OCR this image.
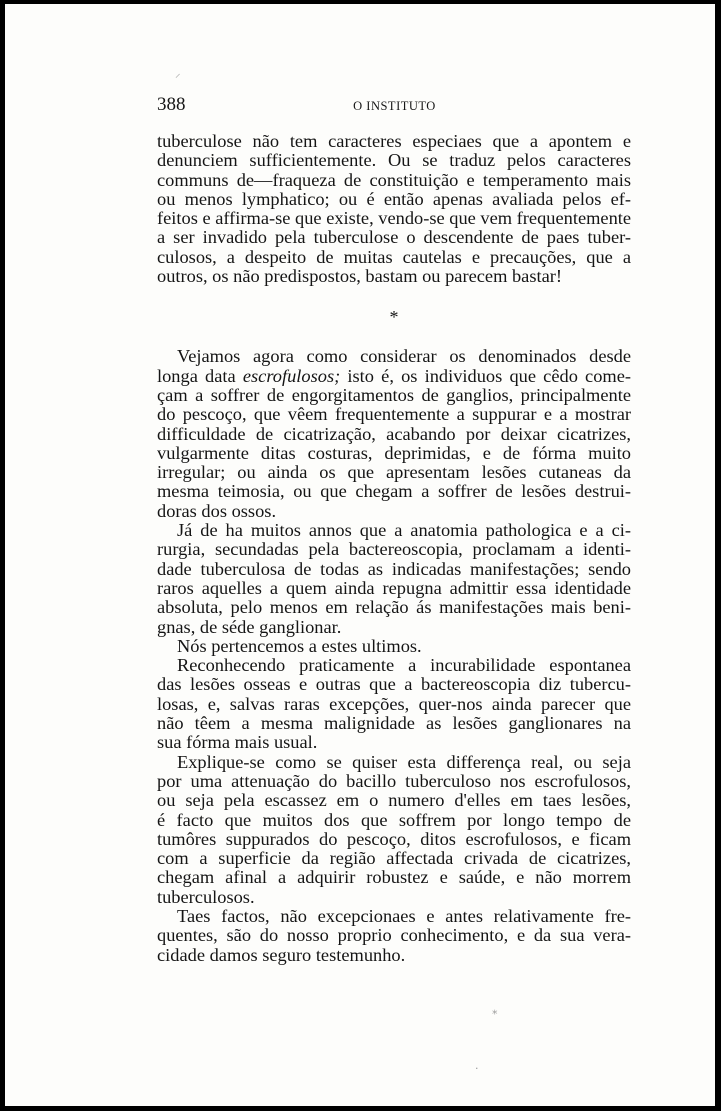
388	O INSTITUTO
tuberculose não tem caracteres especiaes que a apontem e
denunciem sufficientemente. Ou se traduz pelos caracteres
communs de—fraqueza de constituição e temperamento mais
ou menos lymphatico; ou é então apenas avaliada pelos ef-
feitos e affirma-se que existe, vendo-se que vem frequentemente
a ser invadido pela tuberculose o descendente de paes tuber-
culosos, a despeito de muitas cautelas e precauções, que a
outros, os não predispostos, bastam ou parecem bastar!
*
Vejamos agora como considerar os denominados desde
longa data escrofulosos; isto é, os individuos que cêdo come-
çam a soffrer de engorgitamentos de ganglios, principalmente
do pescoço, que vêem frequentemente a suppurar e a mostrar
difficuldade de cicatrização, acabando por deixar cicatrizes,
vulgarmente ditas costuras, deprimidas, e de fórma muito
irregular; ou ainda os que apresentam lesões cutaneas da
mesma teimosia, ou que chegam a soffrer de lesões destrui-
doras dos ossos.
Já de ha muitos annos que a anatomia pathologica e a ci-
rurgia, secundadas pela bactereoscopia, proclamam a identi-
dade tuberculosa de todas as indicadas manifestações; sendo
raros aquelles a quem ainda repugna admittir essa identidade
absoluta, pelo menos em relação ás manifestações mais beni-
gnas, de séde ganglionar.
Nós pertencemos a estes ultimos.
Reconhecendo praticamente a incurabilidade espontanea
das lesões osseas e outras que a bactereoscopia diz tubercu-
losas, e, salvas raras excepções, quer-nos ainda parecer que
não têem a mesma malignidade as lesões ganglionares na
sua fórma mais usual.
Explique-se como se quiser esta differença real, ou seja
por uma attenuação do bacillo tuberculoso nos escrofulosos,
ou seja pela escassez em o numero d'elles em taes lesões,
é facto que muitos dos que soffrem por longo tempo de
tumôres suppurados do pescoço, ditos escrofulosos, e ficam
com a superficie da região affectada crivada de cicatrizes,
chegam afinal a adquirir robustez e saúde, e não morrem
tuberculosos.
Taes factos, não excepcionaes e antes relativamente fre-
quentes, são do nosso proprio conhecimento, e da sua vera-
cidade damos seguro testemunho.
⸝
⁎
·
